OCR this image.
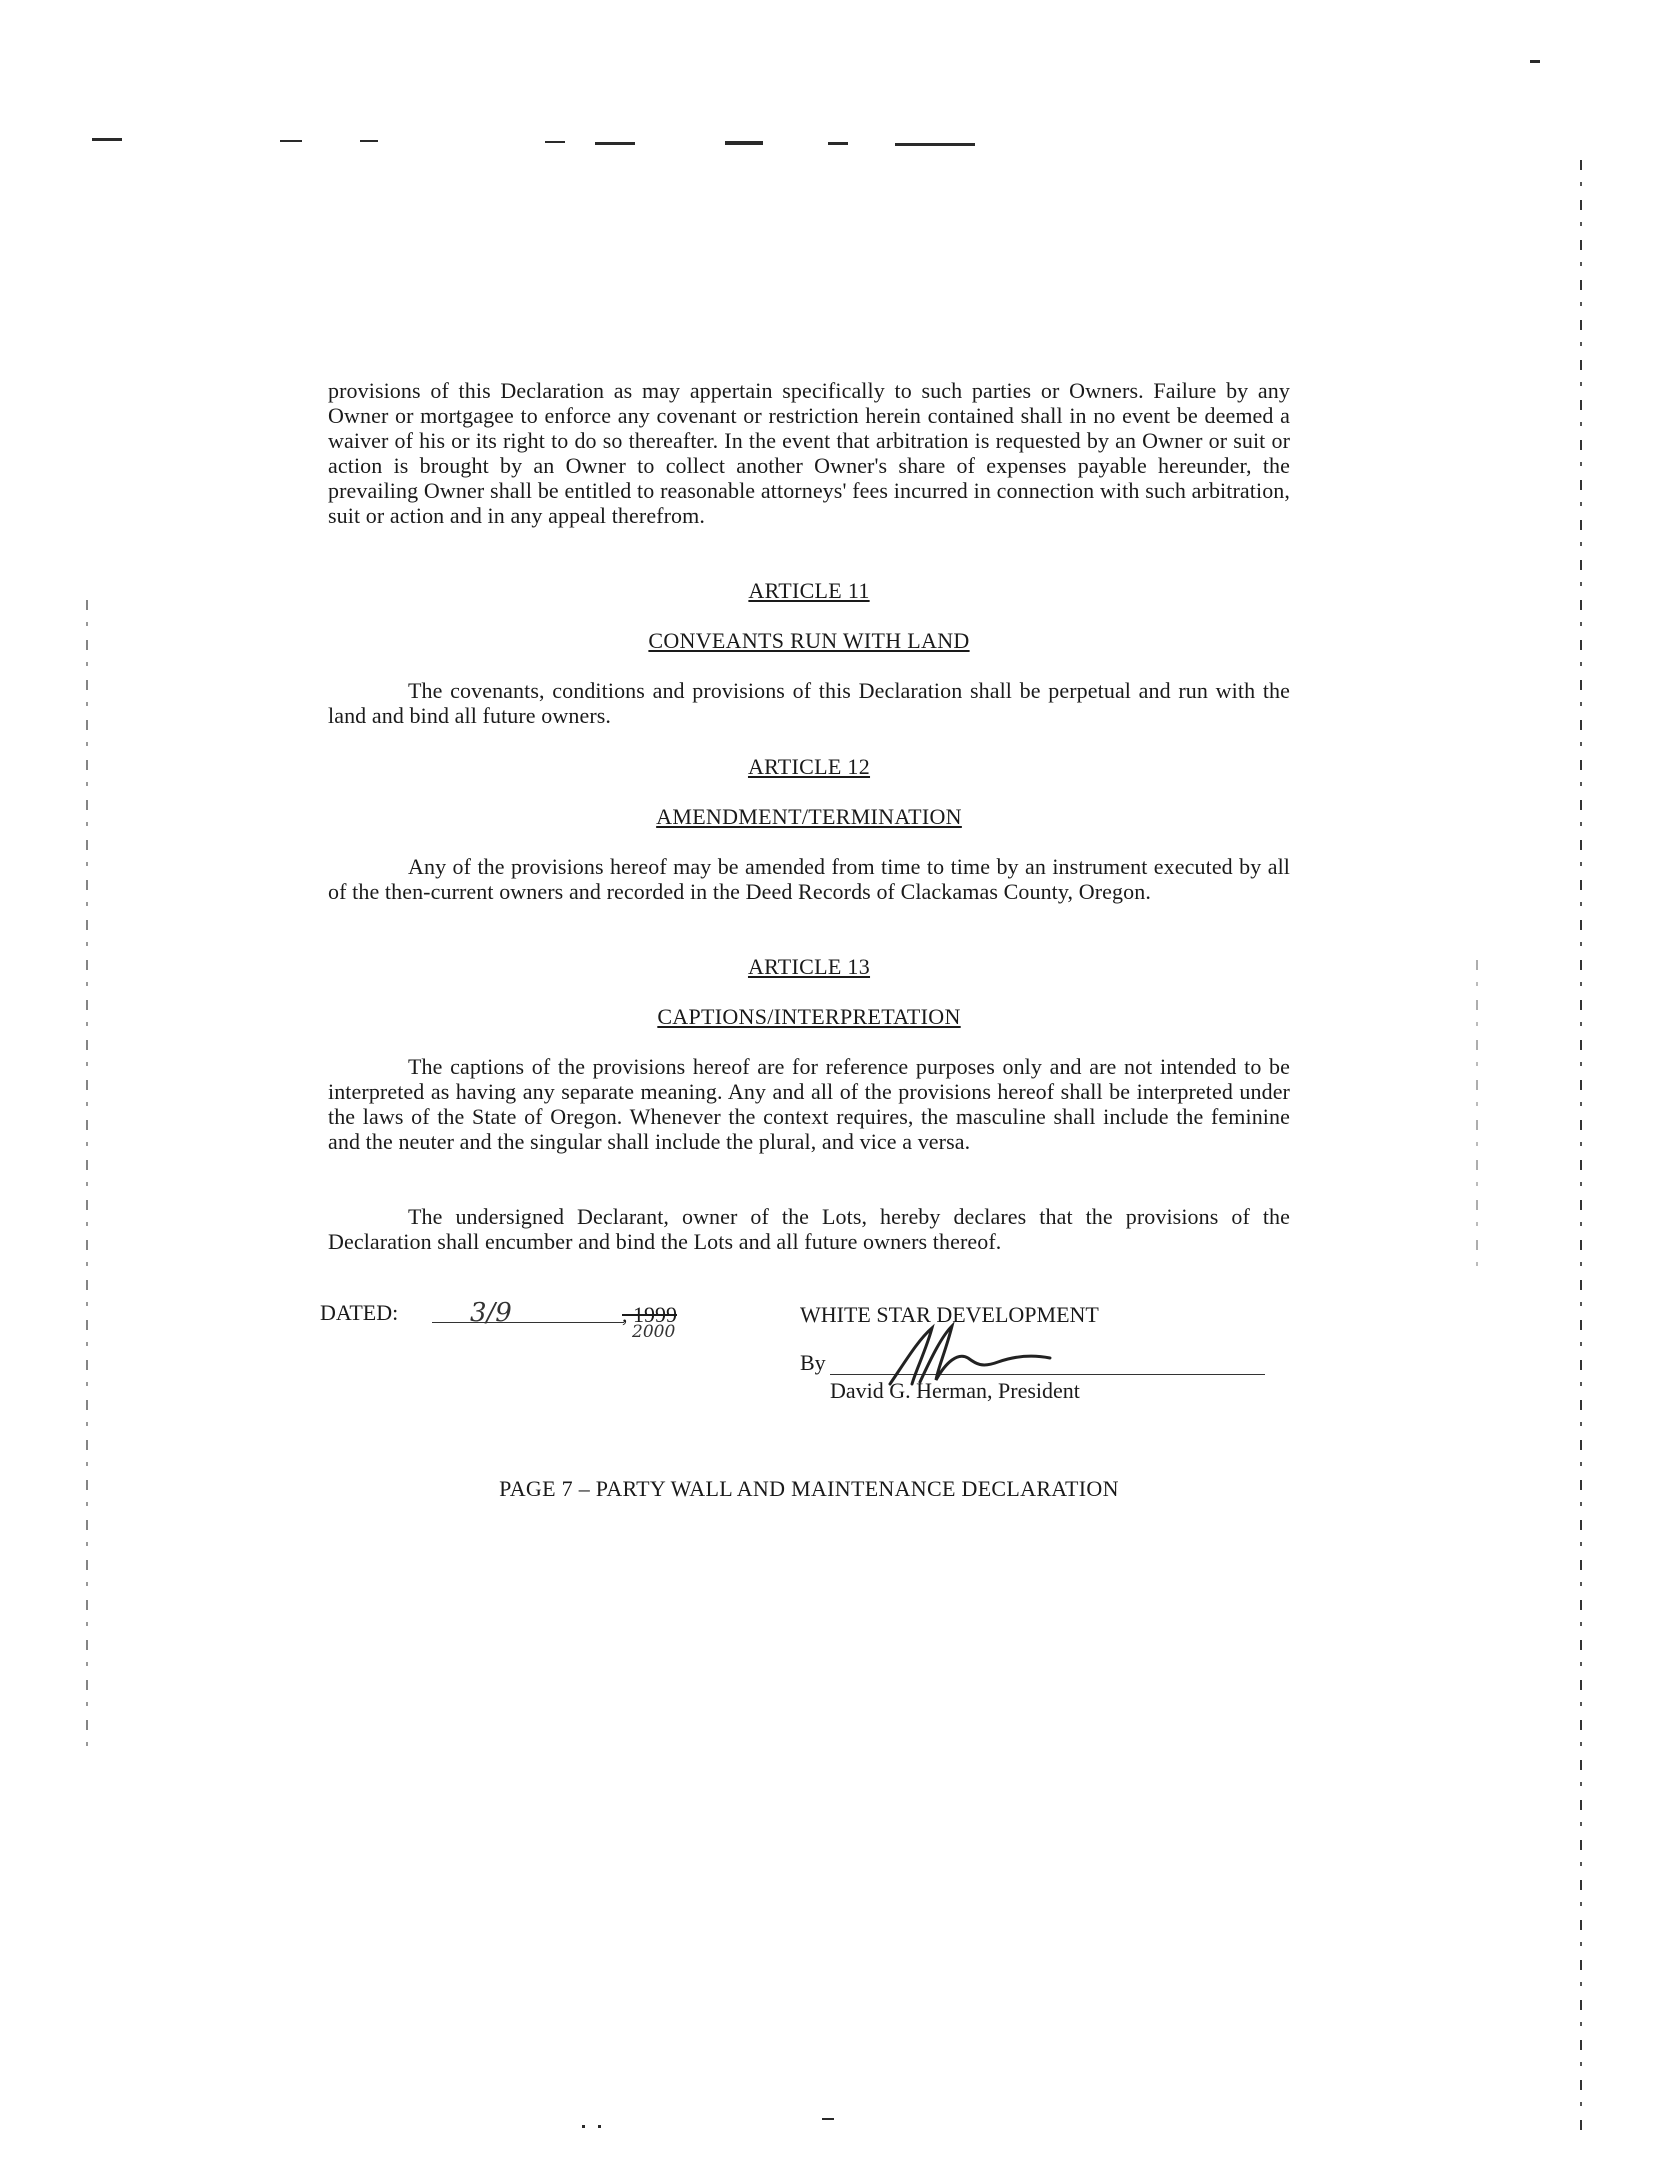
provisions of this Declaration as may appertain specifically to such parties or Owners. Failure by any Owner or mortgagee to enforce any covenant or restriction herein contained shall in no event be deemed a waiver of his or its right to do so thereafter. In the event that arbitration is requested by an Owner or suit or action is brought by an Owner to collect another Owner's share of expenses payable hereunder, the prevailing Owner shall be entitled to reasonable attorneys' fees incurred in connection with such arbitration, suit or action and in any appeal therefrom.
ARTICLE 11
CONVEANTS RUN WITH LAND
The covenants, conditions and provisions of this Declaration shall be perpetual and run with the land and bind all future owners.
ARTICLE 12
AMENDMENT/TERMINATION
Any of the provisions hereof may be amended from time to time by an instrument executed by all of the then-current owners and recorded in the Deed Records of Clackamas County, Oregon.
ARTICLE 13
CAPTIONS/INTERPRETATION
The captions of the provisions hereof are for reference purposes only and are not intended to be interpreted as having any separate meaning. Any and all of the provisions hereof shall be interpreted under the laws of the State of Oregon. Whenever the context requires, the masculine shall include the feminine and the neuter and the singular shall include the plural, and vice a versa.
The undersigned Declarant, owner of the Lots, hereby declares that the provisions of the Declaration shall encumber and bind the Lots and all future owners thereof.
DATED:	3/9	, 1999
2000
WHITE STAR DEVELOPMENT
By
David G. Herman, President
PAGE 7 – PARTY WALL AND MAINTENANCE DECLARATION
